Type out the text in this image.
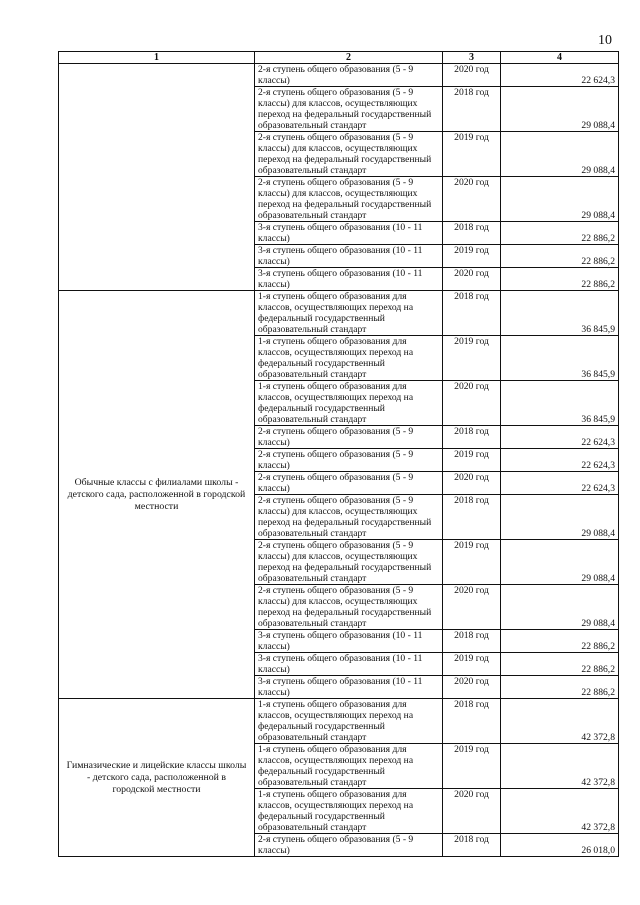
10
1	2	3	4
	2-я ступень общего образования (5 - 9 классы)	2020 год	22 624,3
	2-я ступень общего образования (5 - 9 классы) для классов, осуществляющих переход на федеральный государственный образовательный стандарт	2018 год	29 088,4
	2-я ступень общего образования (5 - 9 классы) для классов, осуществляющих переход на федеральный государственный образовательный стандарт	2019 год	29 088,4
	2-я ступень общего образования (5 - 9 классы) для классов, осуществляющих переход на федеральный государственный образовательный стандарт	2020 год	29 088,4
	3-я ступень общего образования (10 - 11 классы)	2018 год	22 886,2
	3-я ступень общего образования (10 - 11 классы)	2019 год	22 886,2
	3-я ступень общего образования (10 - 11 классы)	2020 год	22 886,2
Обычные классы с филиалами школы - детского сада, расположенной в городской местности	1-я ступень общего образования для классов, осуществляющих переход на федеральный государственный образовательный стандарт	2018 год	36 845,9
	1-я ступень общего образования для классов, осуществляющих переход на федеральный государственный образовательный стандарт	2019 год	36 845,9
	1-я ступень общего образования для классов, осуществляющих переход на федеральный государственный образовательный стандарт	2020 год	36 845,9
	2-я ступень общего образования (5 - 9 классы)	2018 год	22 624,3
	2-я ступень общего образования (5 - 9 классы)	2019 год	22 624,3
	2-я ступень общего образования (5 - 9 классы)	2020 год	22 624,3
	2-я ступень общего образования (5 - 9 классы) для классов, осуществляющих переход на федеральный государственный образовательный стандарт	2018 год	29 088,4
	2-я ступень общего образования (5 - 9 классы) для классов, осуществляющих переход на федеральный государственный образовательный стандарт	2019 год	29 088,4
	2-я ступень общего образования (5 - 9 классы) для классов, осуществляющих переход на федеральный государственный образовательный стандарт	2020 год	29 088,4
	3-я ступень общего образования (10 - 11 классы)	2018 год	22 886,2
	3-я ступень общего образования (10 - 11 классы)	2019 год	22 886,2
	3-я ступень общего образования (10 - 11 классы)	2020 год	22 886,2
Гимназические и лицейские классы школы - детского сада, расположенной в городской местности	1-я ступень общего образования для классов, осуществляющих переход на федеральный государственный образовательный стандарт	2018 год	42 372,8
	1-я ступень общего образования для классов, осуществляющих переход на федеральный государственный образовательный стандарт	2019 год	42 372,8
	1-я ступень общего образования для классов, осуществляющих переход на федеральный государственный образовательный стандарт	2020 год	42 372,8
	2-я ступень общего образования (5 - 9 классы)	2018 год	26 018,0
